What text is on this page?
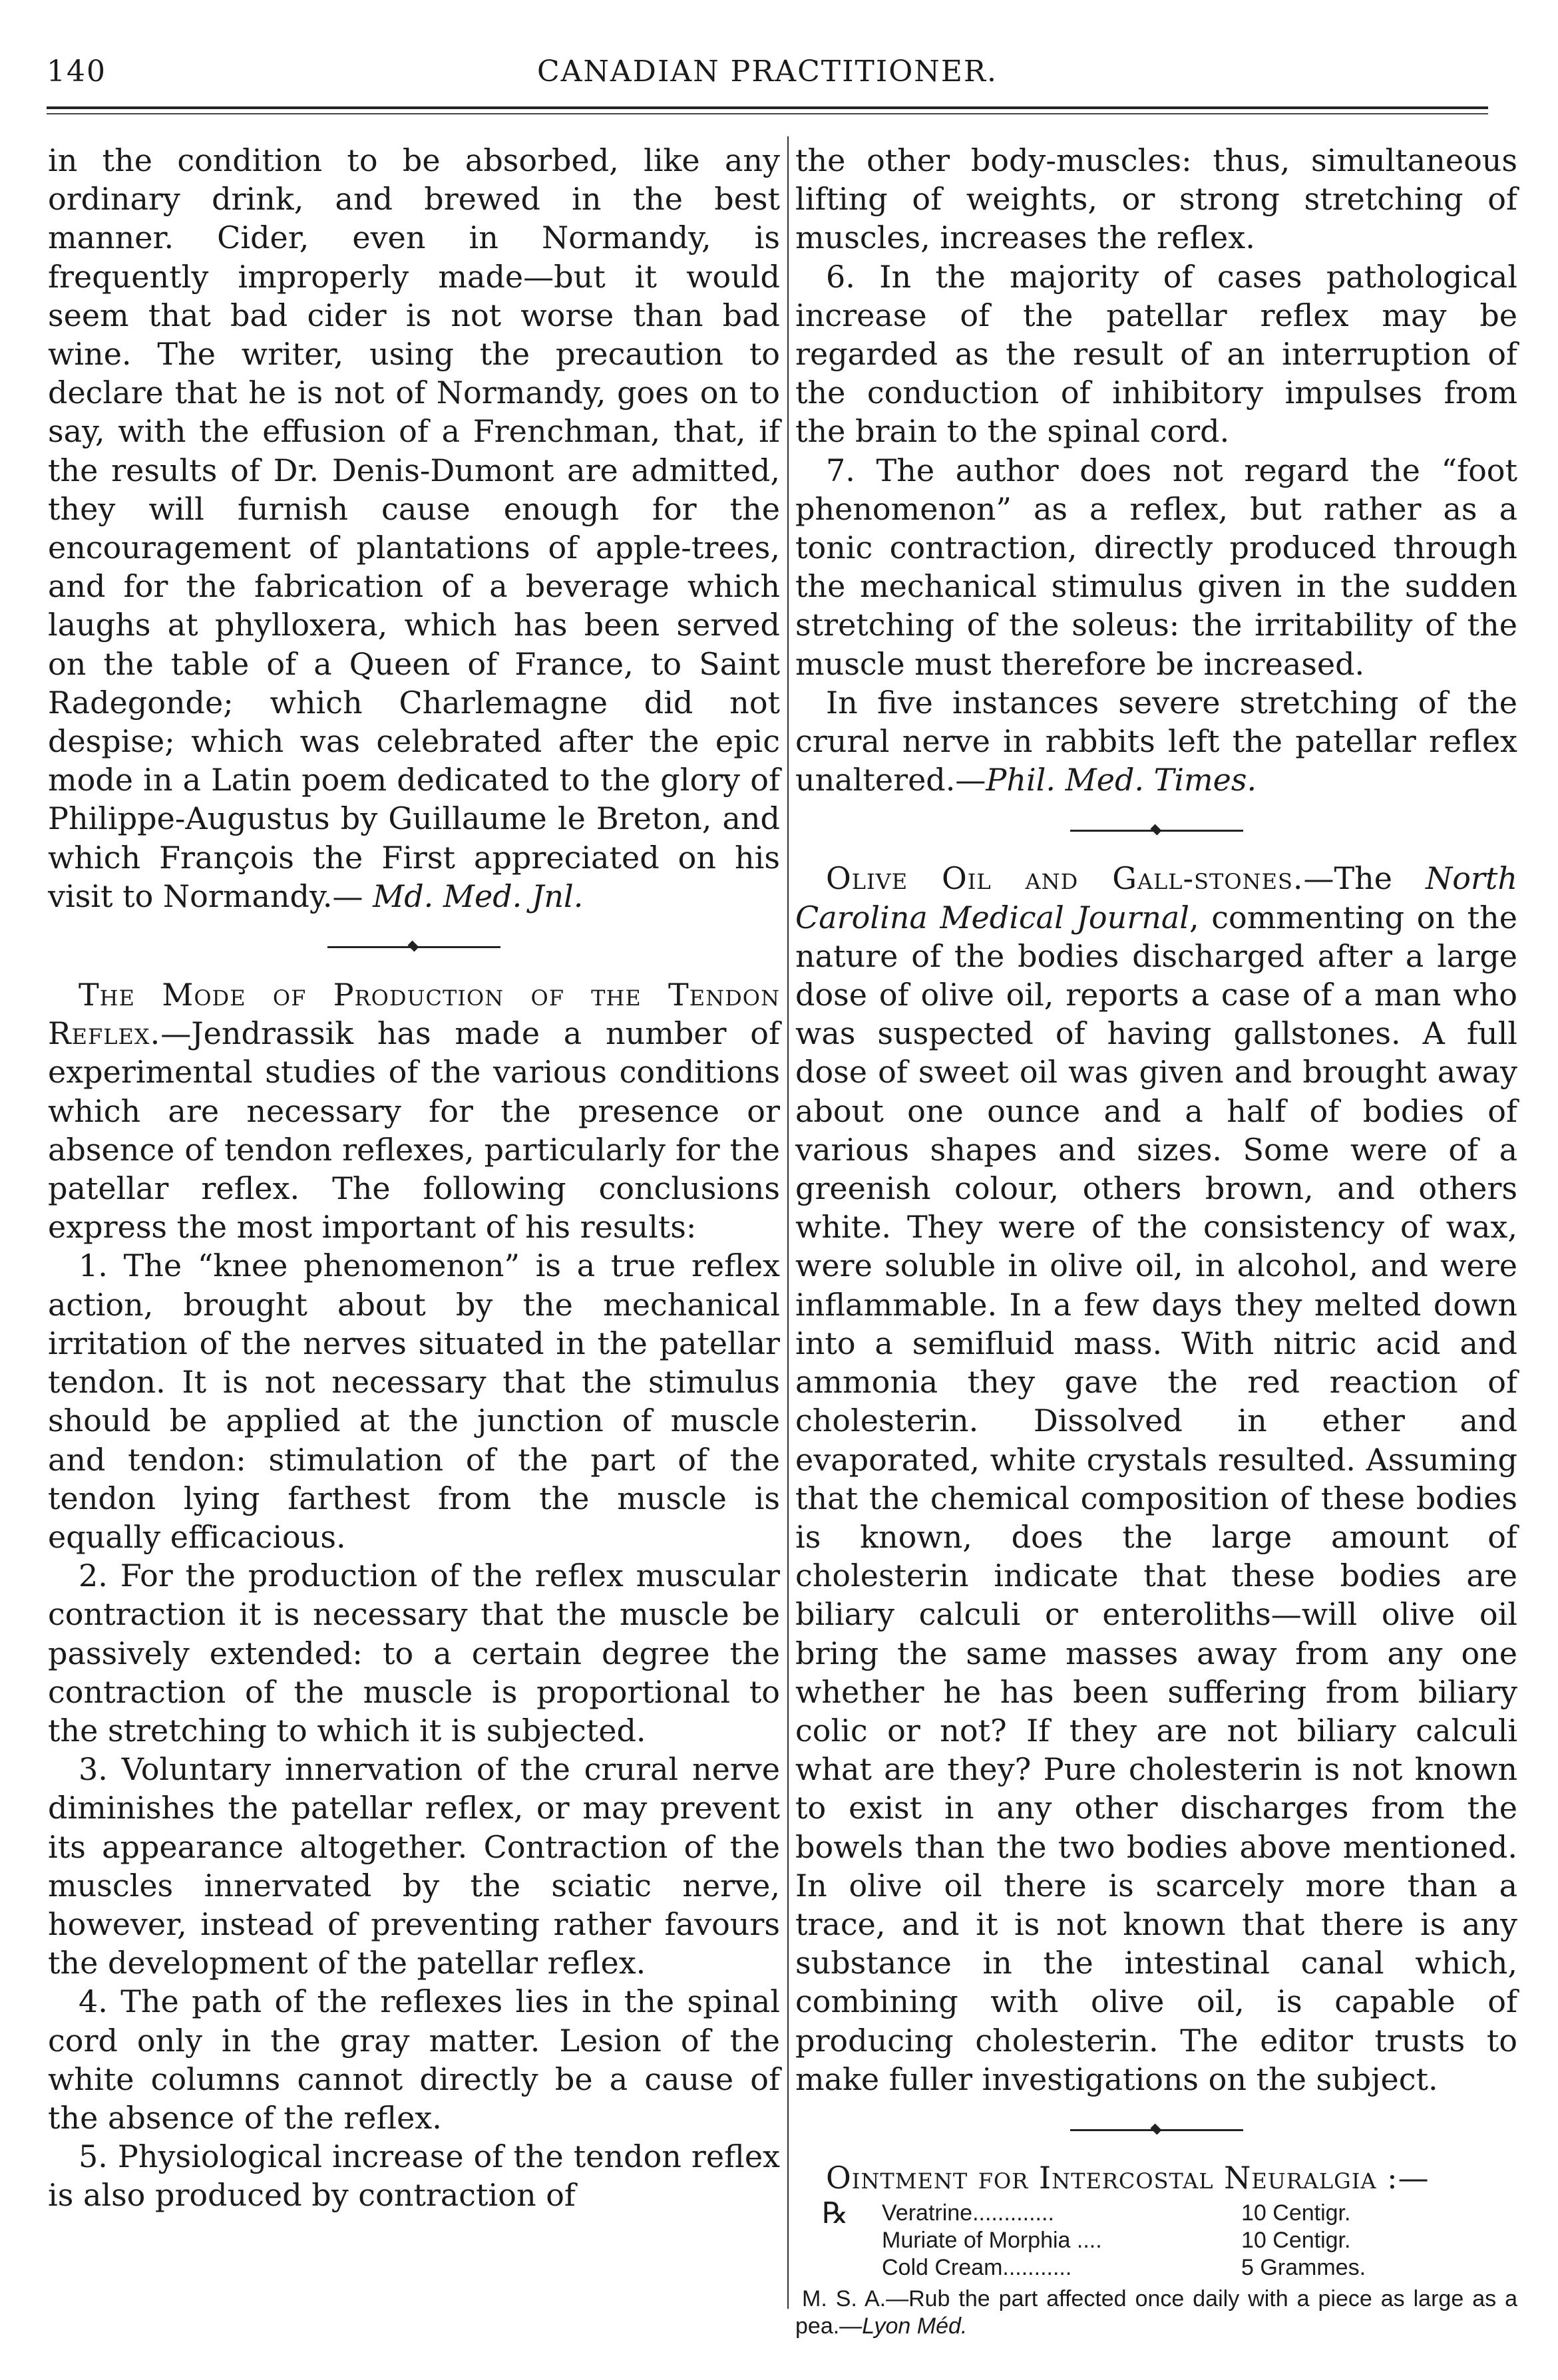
140	CANADIAN PRACTITIONER.

in the condition to be absorbed, like any ordinary drink, and brewed in the best manner. Cider, even in Normandy, is frequently improperly made—but it would seem that bad cider is not worse than bad wine. The writer, using the precaution to declare that he is not of Normandy, goes on to say, with the effusion of a Frenchman, that, if the results of Dr. Denis-Dumont are admitted, they will furnish cause enough for the encouragement of plantations of apple-trees, and for the fabrication of a beverage which laughs at phylloxera, which has been served on the table of a Queen of France, to Saint Radegonde; which Charlemagne did not despise; which was celebrated after the epic mode in a Latin poem dedicated to the glory of Philippe-Augustus by Guillaume le Breton, and which François the First appreciated on his visit to Normandy.— Md. Med. Jnl.

The Mode of Production of the Tendon Reflex.—Jendrassik has made a number of experimental studies of the various conditions which are necessary for the presence or absence of tendon reflexes, particularly for the patellar reflex. The following conclusions express the most important of his results:

1. The “knee phenomenon” is a true reflex action, brought about by the mechanical irritation of the nerves situated in the patellar tendon. It is not necessary that the stimulus should be applied at the junction of muscle and tendon: stimulation of the part of the tendon lying farthest from the muscle is equally efficacious.

2. For the production of the reflex muscular contraction it is necessary that the muscle be passively extended: to a certain degree the contraction of the muscle is proportional to the stretching to which it is subjected.

3. Voluntary innervation of the crural nerve diminishes the patellar reflex, or may prevent its appearance altogether. Contraction of the muscles innervated by the sciatic nerve, however, instead of preventing rather favours the development of the patellar reflex.

4. The path of the reflexes lies in the spinal cord only in the gray matter. Lesion of the white columns cannot directly be a cause of the absence of the reflex.

5. Physiological increase of the tendon reflex is also produced by contraction of

the other body-muscles: thus, simultaneous lifting of weights, or strong stretching of muscles, increases the reflex.

6. In the majority of cases pathological increase of the patellar reflex may be regarded as the result of an interruption of the conduction of inhibitory impulses from the brain to the spinal cord.

7. The author does not regard the “foot phenomenon” as a reflex, but rather as a tonic contraction, directly produced through the mechanical stimulus given in the sudden stretching of the soleus: the irritability of the muscle must therefore be increased.

In five instances severe stretching of the crural nerve in rabbits left the patellar reflex unaltered.—Phil. Med. Times.

Olive Oil and Gall-stones.—The North Carolina Medical Journal, commenting on the nature of the bodies discharged after a large dose of olive oil, reports a case of a man who was suspected of having gallstones. A full dose of sweet oil was given and brought away about one ounce and a half of bodies of various shapes and sizes. Some were of a greenish colour, others brown, and others white. They were of the consistency of wax, were soluble in olive oil, in alcohol, and were inflammable. In a few days they melted down into a semifluid mass. With nitric acid and ammonia they gave the red reaction of cholesterin. Dissolved in ether and evaporated, white crystals resulted. Assuming that the chemical composition of these bodies is known, does the large amount of cholesterin indicate that these bodies are biliary calculi or enteroliths—will olive oil bring the same masses away from any one whether he has been suffering from biliary colic or not? If they are not biliary calculi what are they? Pure cholesterin is not known to exist in any other discharges from the bowels than the two bodies above mentioned. In olive oil there is scarcely more than a trace, and it is not known that there is any substance in the intestinal canal which, combining with olive oil, is capable of producing cholesterin. The editor trusts to make fuller investigations on the subject.

Ointment for Intercostal Neuralgia :—

℞	Veratrine.............	10 Centigr.
Muriate of Morphia ....	10 Centigr.
Cold Cream...........	5 Grammes.

M. S. A.—Rub the part affected once daily with a piece as large as a pea.—Lyon Méd.
